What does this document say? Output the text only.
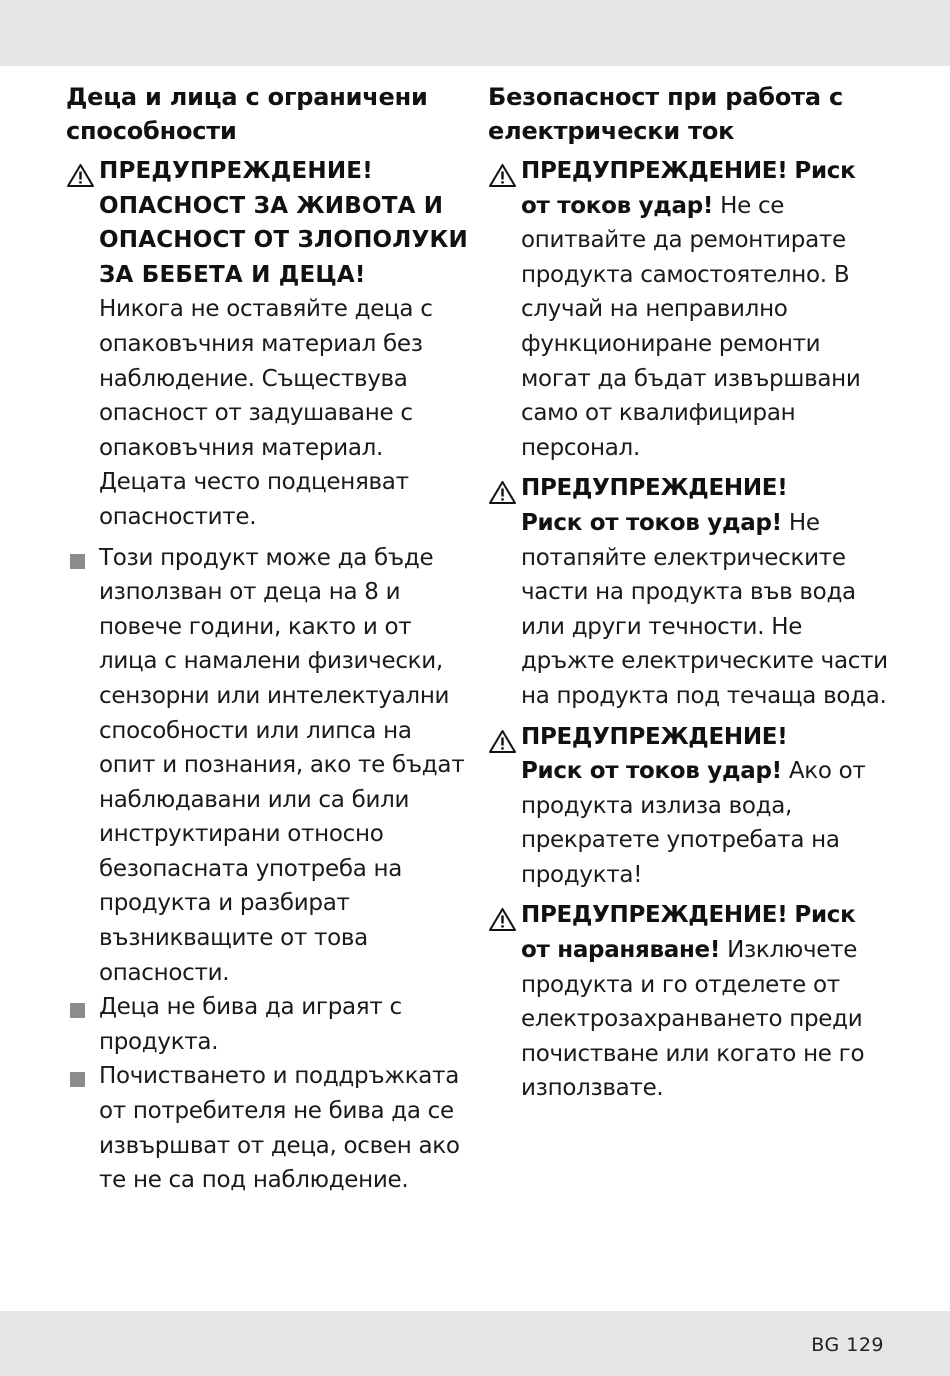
Деца и лица с ограничени способности

ПРЕДУПРЕЖДЕНИЕ! ОПАСНОСТ ЗА ЖИВОТА И ОПАСНОСТ ОТ ЗЛОПОЛУКИ ЗА БЕБЕТА И ДЕЦА!

Никога не оставяйте деца с опаковъчния материал без наблюдение. Съществува опасност от задушаване с опаковъчния материал. Децата често подценяват опасностите.

Този продукт може да бъде използван от деца на 8 и повече години, както и от лица с намалени физически, сензорни или интелектуални способности или липса на опит и познания, ако те бъдат наблюдавани или са били инструктирани относно безопасната употреба на продукта и разбират възникващите от това опасности.

Деца не бива да играят с продукта.

Почистването и поддръжката от потребителя не бива да се извършват от деца, освен ако те не са под наблюдение.

Безопасност при работа с електрически ток

ПРЕДУПРЕЖДЕНИЕ! Риск от токов удар! Не се опитвайте да ремонтирате продукта самостоятелно. В случай на неправилно функциониране ремонти могат да бъдат извършвани само от квалифициран персонал.

ПРЕДУПРЕЖДЕНИЕ!

Риск от токов удар! Не потапяйте електрическите части на продукта във вода или други течности. Не дръжте електрическите части на продукта под течаща вода.

ПРЕДУПРЕЖДЕНИЕ!

Риск от токов удар! Ако от продукта излиза вода, прекратете употребата на продукта!

ПРЕДУПРЕЖДЕНИЕ! Риск от нараняване! Изключете продукта и го отделете от електрозахранването преди почистване или когато не го използвате.

BG 129
